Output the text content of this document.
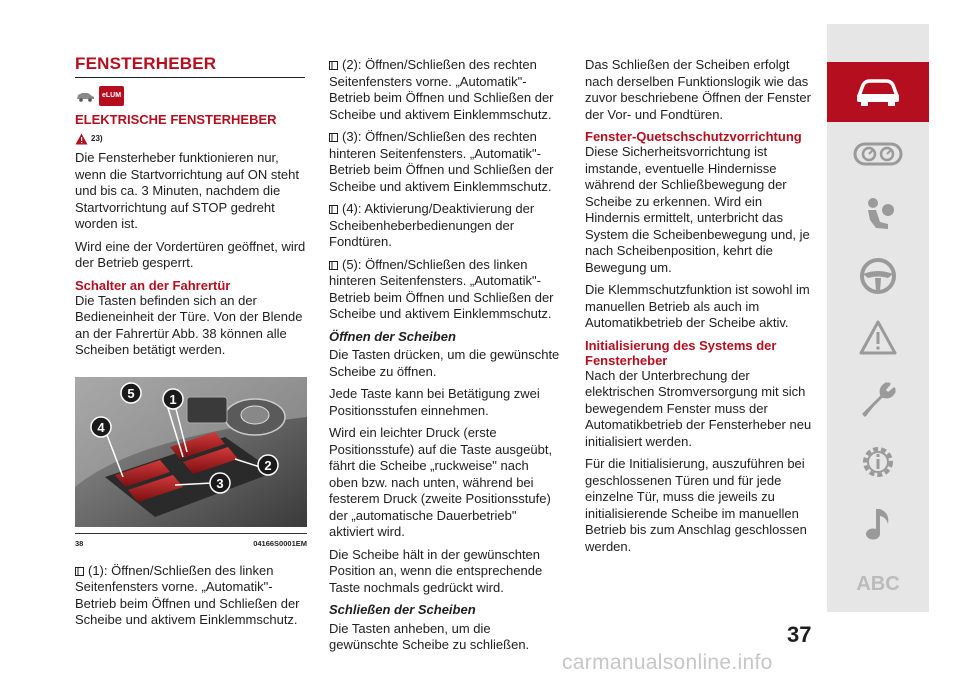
FENSTERHEBER
eLUM
ELEKTRISCHE FENSTERHEBER
23)

Die Fensterheber funktionieren nur, wenn die Startvorrichtung auf ON steht und bis ca. 3 Minuten, nachdem die Startvorrichtung auf STOP gedreht worden ist.

Wird eine der Vordertüren geöffnet, wird der Betrieb gesperrt.

Schalter an der Fahrertür

Die Tasten befinden sich an der Bedieneinheit der Türe. Von der Blende an der Fahrertür Abb. 38 können alle Scheiben betätigt werden.

1
2
3
4
5
38	04166S0001EM

(1): Öffnen/Schließen des linken Seitenfensters vorne. „Automatik"-Betrieb beim Öffnen und Schließen der Scheibe und aktivem Einklemmschutz.

(2): Öffnen/Schließen des rechten Seitenfensters vorne. „Automatik"-Betrieb beim Öffnen und Schließen der Scheibe und aktivem Einklemmschutz.

(3): Öffnen/Schließen des rechten hinteren Seitenfensters. „Automatik"-Betrieb beim Öffnen und Schließen der Scheibe und aktivem Einklemmschutz.

(4): Aktivierung/Deaktivierung der Scheibenheberbedienungen der Fondtüren.

(5): Öffnen/Schließen des linken hinteren Seitenfensters. „Automatik"-Betrieb beim Öffnen und Schließen der Scheibe und aktivem Einklemmschutz.

Öffnen der Scheiben

Die Tasten drücken, um die gewünschte Scheibe zu öffnen.

Jede Taste kann bei Betätigung zwei Positionsstufen einnehmen.

Wird ein leichter Druck (erste Positionsstufe) auf die Taste ausgeübt, fährt die Scheibe „ruckweise" nach oben bzw. nach unten, während bei festerem Druck (zweite Positionsstufe) der „automatische Dauerbetrieb" aktiviert wird.

Die Scheibe hält in der gewünschten Position an, wenn die entsprechende Taste nochmals gedrückt wird.

Schließen der Scheiben

Die Tasten anheben, um die gewünschte Scheibe zu schließen.

Das Schließen der Scheiben erfolgt nach derselben Funktionslogik wie das zuvor beschriebene Öffnen der Fenster der Vor- und Fondtüren.

Fenster-Quetschschutzvorrichtung

Diese Sicherheitsvorrichtung ist imstande, eventuelle Hindernisse während der Schließbewegung der Scheibe zu erkennen. Wird ein Hindernis ermittelt, unterbricht das System die Scheibenbewegung und, je nach Scheibenposition, kehrt die Bewegung um.

Die Klemmschutzfunktion ist sowohl im manuellen Betrieb als auch im Automatikbetrieb der Scheibe aktiv.

Initialisierung des Systems der Fensterheber

Nach der Unterbrechung der elektrischen Stromversorgung mit sich bewegendem Fenster muss der Automatikbetrieb der Fensterheber neu initialisiert werden.

Für die Initialisierung, auszuführen bei geschlossenen Türen und für jede einzelne Tür, muss die jeweils zu initialisierende Scheibe im manuellen Betrieb bis zum Anschlag geschlossen werden.

ABC
37
carmanualsonline.info
